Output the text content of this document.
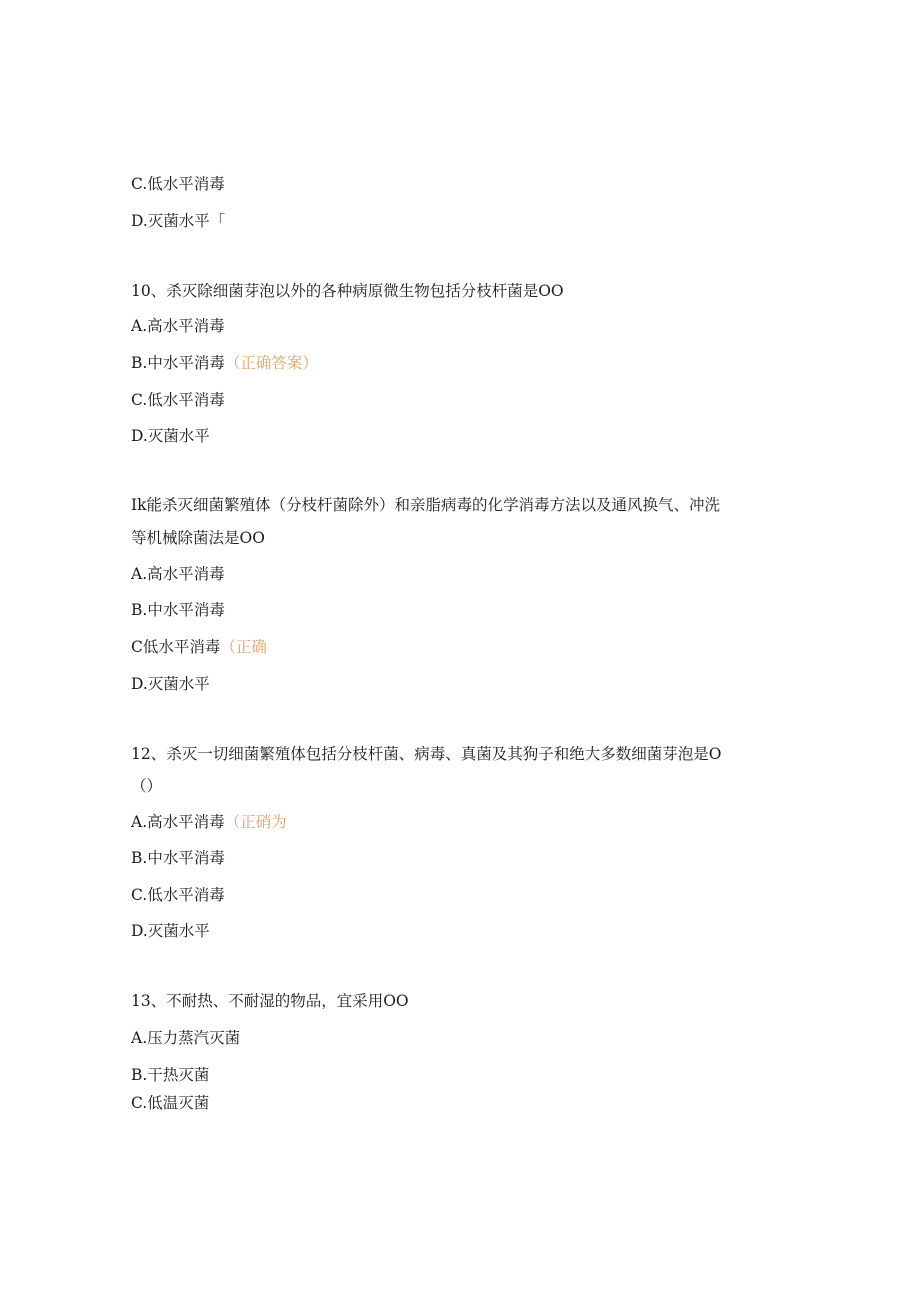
C.低水平消毒
D.灭菌水平「
10、杀灭除细菌芽泡以外的各种病原微生物包括分枝杆菌是OO
A.高水平消毒
B.中水平消毒（正确答案）
C.低水平消毒
D.灭菌水平
Ik能杀灭细菌繁殖体（分枝杆菌除外）和亲脂病毒的化学消毒方法以及通风换气、冲洗
等机械除菌法是OO
A.高水平消毒
B.中水平消毒
C低水平消毒（正确
D.灭菌水平
12、杀灭一切细菌繁殖体包括分枝杆菌、病毒、真菌及其狗子和绝大多数细菌芽泡是O
（）
A.高水平消毒（正硝为
B.中水平消毒
C.低水平消毒
D.灭菌水平
13、不耐热、不耐湿的物品，宜采用OO
A.压力蒸汽灭菌
B.干热灭菌
C.低温灭菌
